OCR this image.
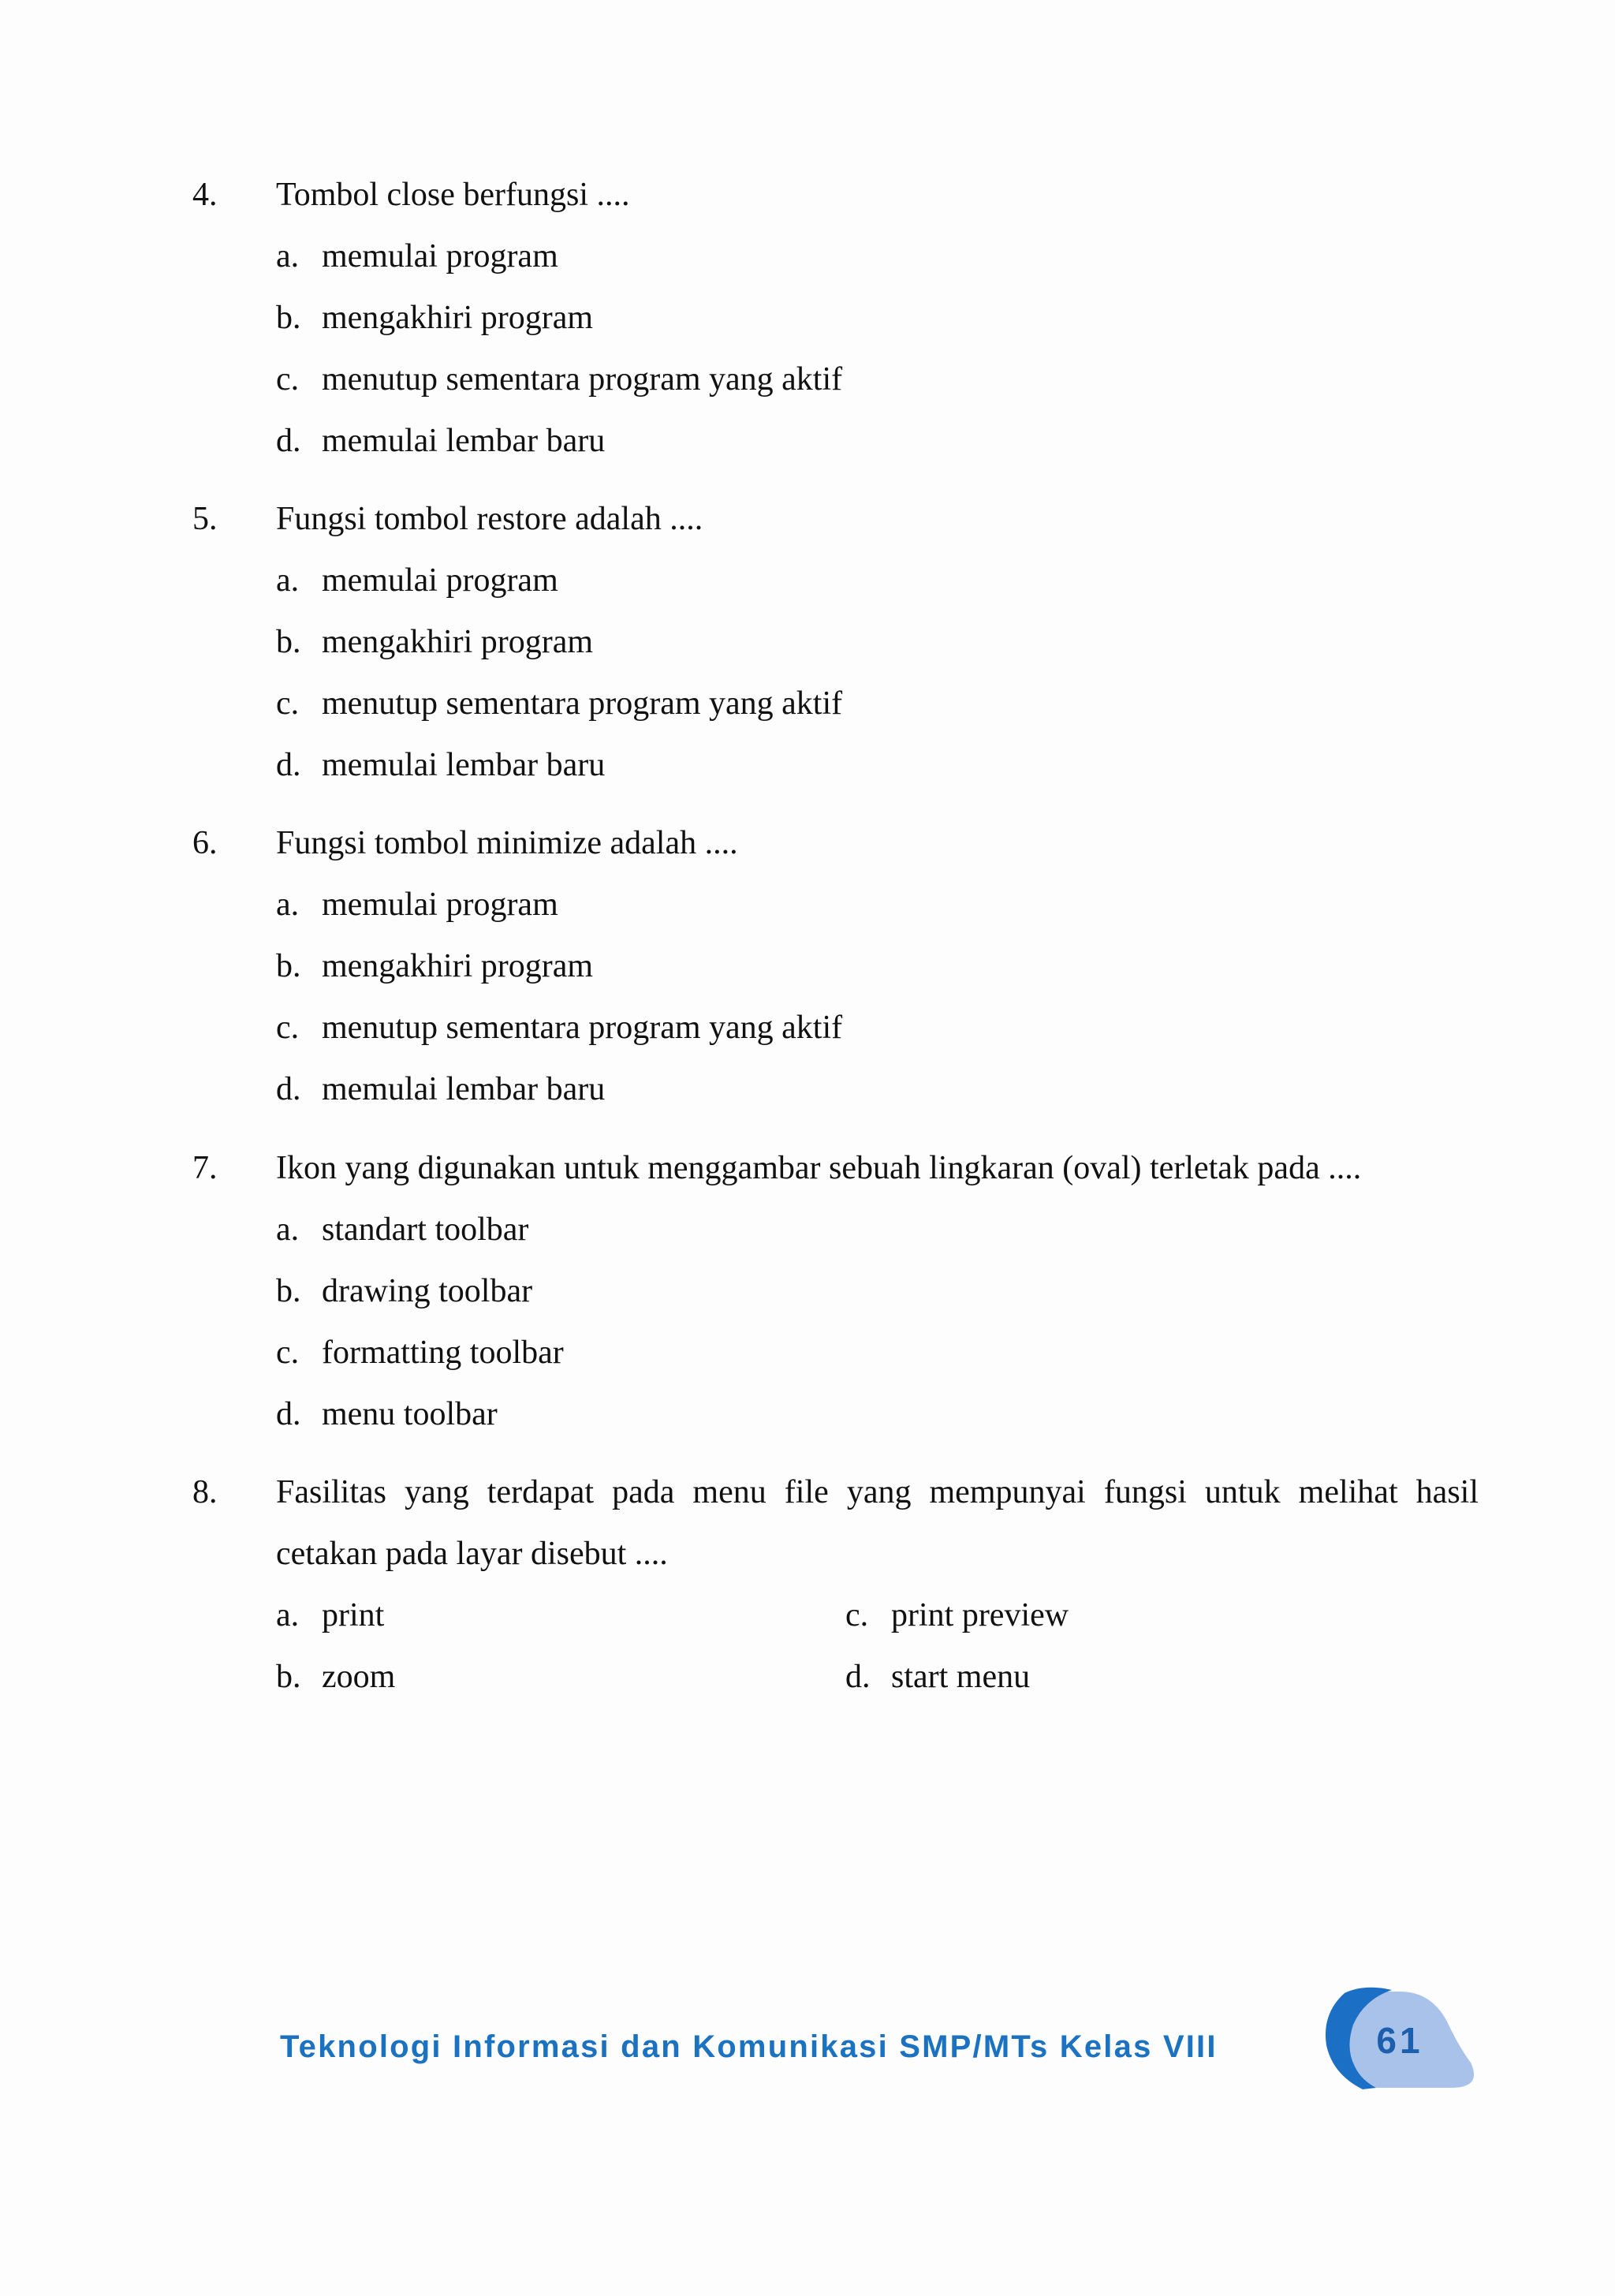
4. Tombol close berfungsi ....
a. memulai program
b. mengakhiri program
c. menutup sementara program yang aktif
d. memulai lembar baru
5. Fungsi tombol restore adalah ....
a. memulai program
b. mengakhiri program
c. menutup sementara program yang aktif
d. memulai lembar baru
6. Fungsi tombol minimize adalah ....
a. memulai program
b. mengakhiri program
c. menutup sementara program yang aktif
d. memulai lembar baru
7. Ikon yang digunakan untuk menggambar sebuah lingkaran (oval) terletak pada ....
a. standart toolbar
b. drawing toolbar
c. formatting toolbar
d. menu toolbar
8. Fasilitas yang terdapat pada menu file yang mempunyai fungsi untuk melihat hasil cetakan pada layar disebut ....
a. print	c. print preview
b. zoom	d. start menu
Teknologi Informasi dan Komunikasi SMP/MTs Kelas VIII	61
